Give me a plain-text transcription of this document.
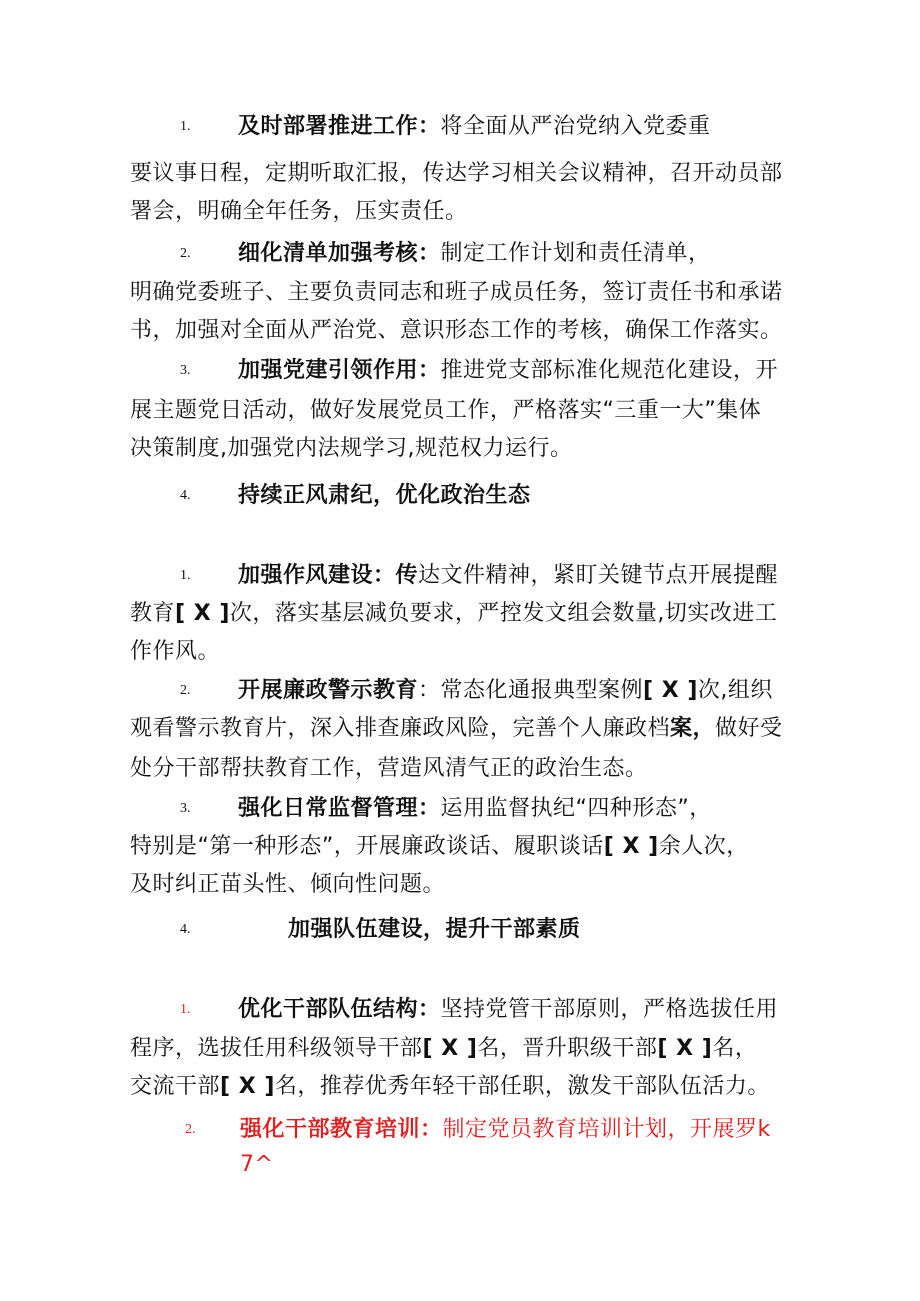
1. 及时部署推进工作：将全面从严治党纳入党委重
要议事日程，定期听取汇报，传达学习相关会议精神，召开动员部
署会，明确全年任务，压实责任。
2. 细化清单加强考核：制定工作计划和责任清单，
明确党委班子、主要负责同志和班子成员任务，签订责任书和承诺
书，加强对全面从严治党、意识形态工作的考核，确保工作落实。
3. 加强党建引领作用：推进党支部标准化规范化建设，开
展主题党日活动，做好发展党员工作，严格落实“三重一大”集体
决策制度,加强党内法规学习,规范权力运行。
4. 持续正风肃纪，优化政治生态
1. 加强作风建设：传达文件精神，紧盯关键节点开展提醒
教育[ X ]次，落实基层减负要求，严控发文组会数量,切实改进工
作作风。
2. 开展廉政警示教育：常态化通报典型案例[ X ]次,组织
观看警示教育片，深入排查廉政风险，完善个人廉政档案，做好受
处分干部帮扶教育工作，营造风清气正的政治生态。
3. 强化日常监督管理：运用监督执纪“四种形态”，
特别是“第一种形态”，开展廉政谈话、履职谈话[ X ]余人次，
及时纠正苗头性、倾向性问题。
4.	加强队伍建设，提升干部素质
1. 优化干部队伍结构：坚持党管干部原则，严格选拔任用
程序，选拔任用科级领导干部[ X ]名，晋升职级干部[ X ]名，
交流干部[ X ]名，推荐优秀年轻干部任职，激发干部队伍活力。
2. 强化干部教育培训：制定党员教育培训计划，开展罗k
7^
